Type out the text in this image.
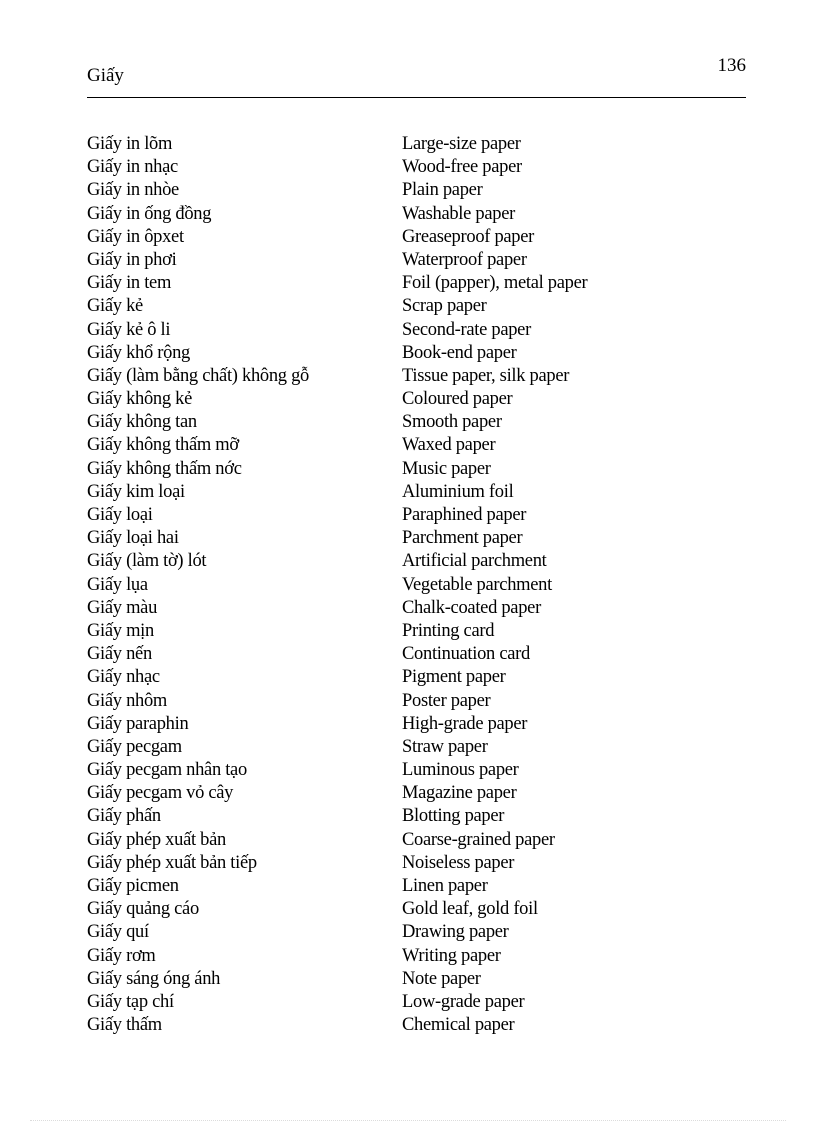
Giấy	136
Giấy in lõm	Large-size paper
Giấy in nhạc	Wood-free paper
Giấy in nhòe	Plain paper
Giấy in ống đồng	Washable paper
Giấy in ôpxet	Greaseproof paper
Giấy in phơi	Waterproof paper
Giấy in tem	Foil (papper), metal paper
Giấy kẻ	Scrap paper
Giấy kẻ ô li	Second-rate paper
Giấy khổ rộng	Book-end paper
Giấy (làm bằng chất) không gỗ	Tissue paper, silk paper
Giấy không kẻ	Coloured paper
Giấy không tan	Smooth paper
Giấy không thấm mỡ	Waxed paper
Giấy không thấm nớc	Music paper
Giấy kim loại	Aluminium foil
Giấy loại	Paraphined paper
Giấy loại hai	Parchment paper
Giấy (làm tờ) lót	Artificial parchment
Giấy lụa	Vegetable parchment
Giấy màu	Chalk-coated paper
Giấy mịn	Printing card
Giấy nến	Continuation card
Giấy nhạc	Pigment paper
Giấy nhôm	Poster paper
Giấy paraphin	High-grade paper
Giấy pecgam	Straw paper
Giấy pecgam nhân tạo	Luminous paper
Giấy pecgam vỏ cây	Magazine paper
Giấy phấn	Blotting paper
Giấy phép xuất bản	Coarse-grained paper
Giấy phép xuất bản tiếp	Noiseless paper
Giấy picmen	Linen paper
Giấy quảng cáo	Gold leaf, gold foil
Giấy quí	Drawing paper
Giấy rơm	Writing paper
Giấy sáng óng ánh	Note paper
Giấy tạp chí	Low-grade paper
Giấy thấm	Chemical paper
